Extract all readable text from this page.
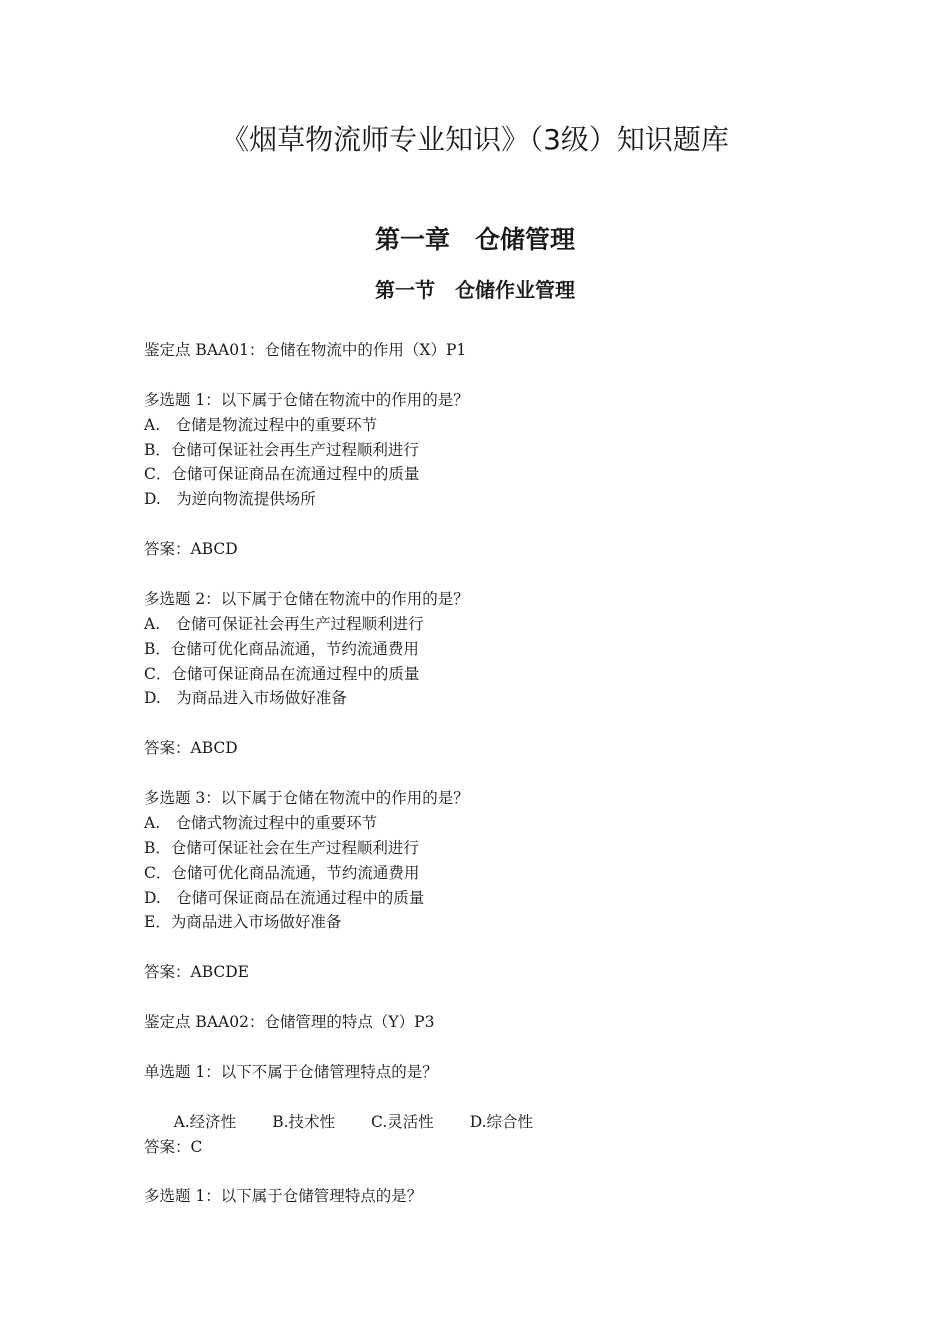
《烟草物流师专业知识》（3级）知识题库
第一章　仓储管理
第一节　仓储作业管理
鉴定点 BAA01：仓储在物流中的作用（X）P1
多选题 1：以下属于仓储在物流中的作用的是？
A.　仓储是物流过程中的重要环节
B．仓储可保证社会再生产过程顺利进行
C．仓储可保证商品在流通过程中的质量
D.　为逆向物流提供场所
答案：ABCD
多选题 2：以下属于仓储在物流中的作用的是？
A.　仓储可保证社会再生产过程顺利进行
B．仓储可优化商品流通，节约流通费用
C．仓储可保证商品在流通过程中的质量
D.　为商品进入市场做好准备
答案：ABCD
多选题 3：以下属于仓储在物流中的作用的是？
A.　仓储式物流过程中的重要环节
B．仓储可保证社会在生产过程顺利进行
C．仓储可优化商品流通，节约流通费用
D.　仓储可保证商品在流通过程中的质量
E．为商品进入市场做好准备
答案：ABCDE
鉴定点 BAA02：仓储管理的特点（Y）P3
单选题 1：以下不属于仓储管理特点的是？

A.经济性 B.技术性 C.灵活性 D.综合性

答案：C
多选题 1：以下属于仓储管理特点的是？
